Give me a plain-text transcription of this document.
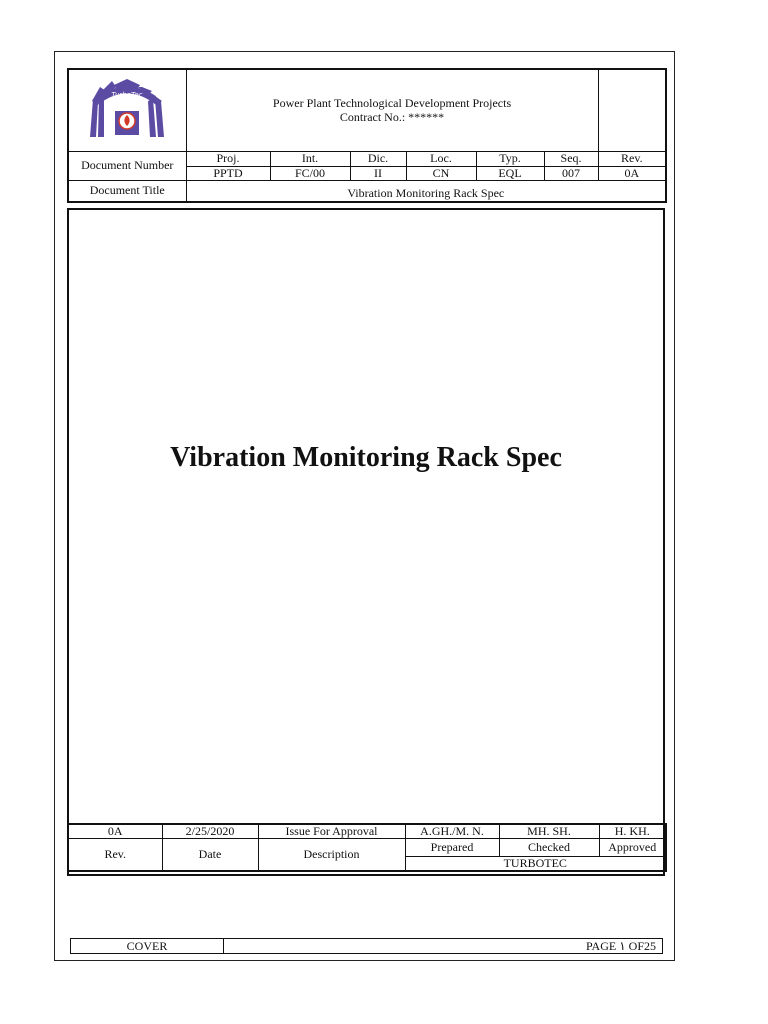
TurboTec	Power Plant Technological Development Projects
Contract No.: ******						

Document Number	Proj.	Int.	Dic.	Loc.	Typ.	Seq.	Rev.
	PPTD	FC/00	II	CN	EQL	007	0A
Document Title	Vibration Monitoring Rack Spec						
Vibration Monitoring Rack Spec
0A	2/25/2020	Issue For Approval	A.GH./M. N.	MH. SH.	H. KH.
Rev.	Date	Description	Prepared	Checked	Approved
			TURBOTEC		
COVER	PAGE ١ OF25
